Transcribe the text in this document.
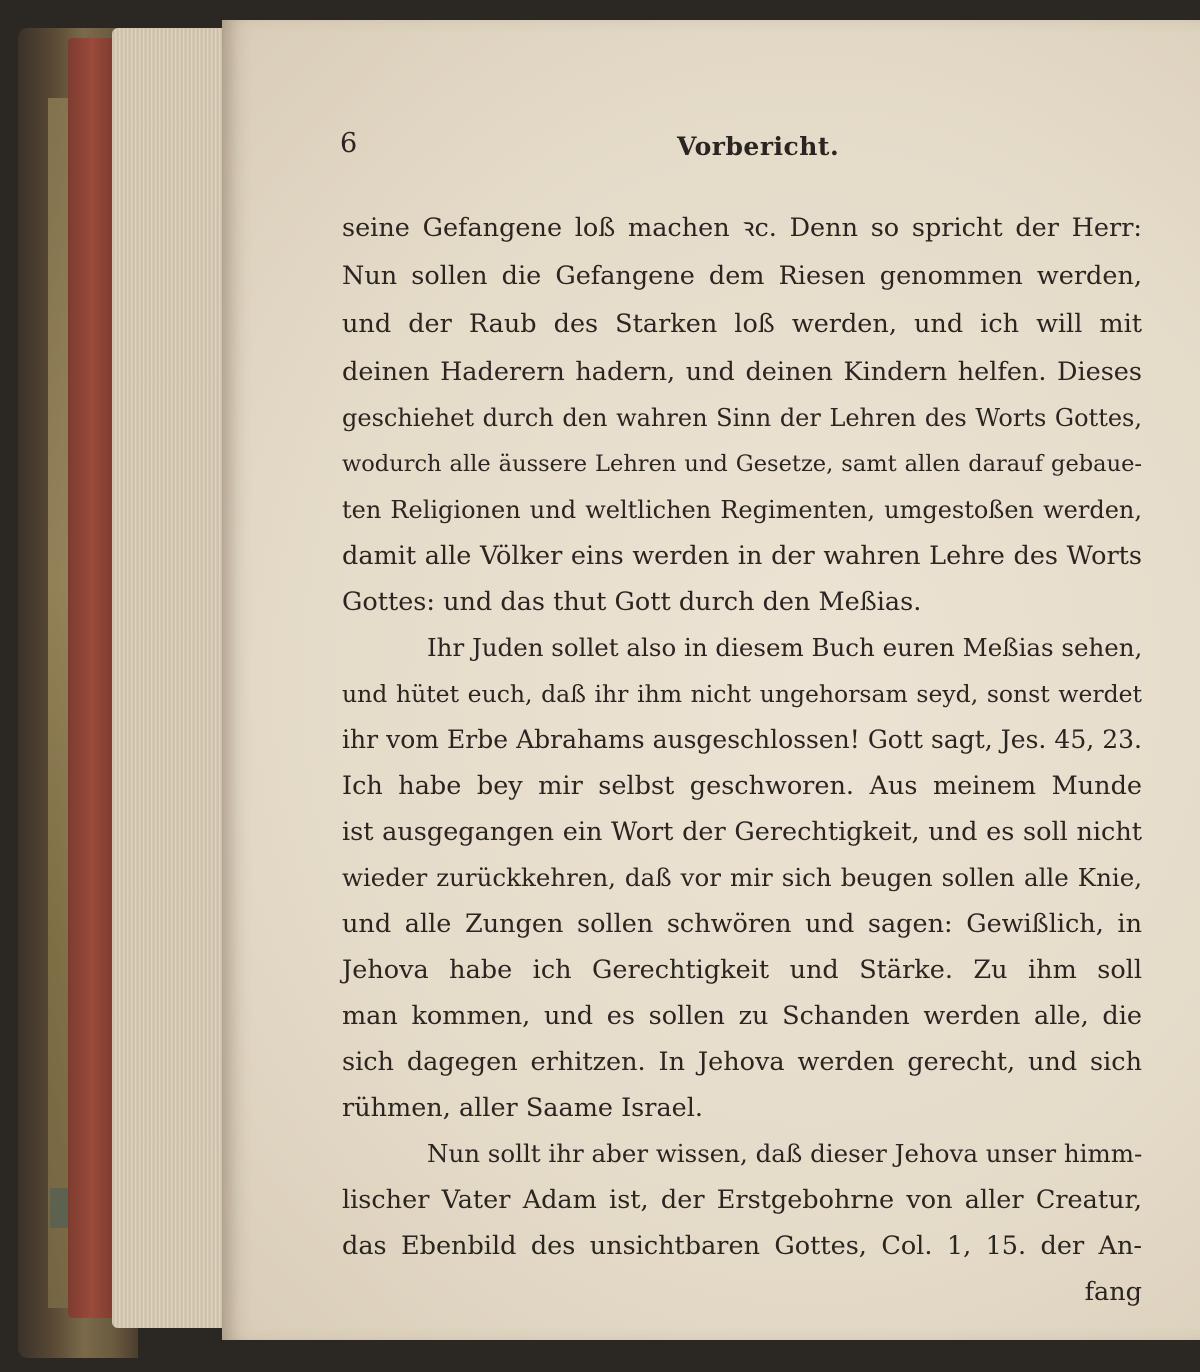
6	Vorbericht.
seine Gefangene loß machen ꝛc. Denn so spricht der Herr:
Nun sollen die Gefangene dem Riesen genommen werden,
und der Raub des Starken loß werden, und ich will mit
deinen Haderern hadern, und deinen Kindern helfen. Dieses
geschiehet durch den wahren Sinn der Lehren des Worts Gottes,
wodurch alle äussere Lehren und Gesetze, samt allen darauf gebaue-
ten Religionen und weltlichen Regimenten, umgestoßen werden,
damit alle Völker eins werden in der wahren Lehre des Worts
Gottes: und das thut Gott durch den Meßias.
Ihr Juden sollet also in diesem Buch euren Meßias sehen,
und hütet euch, daß ihr ihm nicht ungehorsam seyd, sonst werdet
ihr vom Erbe Abrahams ausgeschlossen! Gott sagt, Jes. 45, 23.
Ich habe bey mir selbst geschworen. Aus meinem Munde
ist ausgegangen ein Wort der Gerechtigkeit, und es soll nicht
wieder zurückkehren, daß vor mir sich beugen sollen alle Knie,
und alle Zungen sollen schwören und sagen: Gewißlich, in
Jehova habe ich Gerechtigkeit und Stärke. Zu ihm soll
man kommen, und es sollen zu Schanden werden alle, die
sich dagegen erhitzen. In Jehova werden gerecht, und sich
rühmen, aller Saame Israel.
Nun sollt ihr aber wissen, daß dieser Jehova unser himm-
lischer Vater Adam ist, der Erstgebohrne von aller Creatur,
das Ebenbild des unsichtbaren Gottes, Col. 1, 15. der An-
fang
